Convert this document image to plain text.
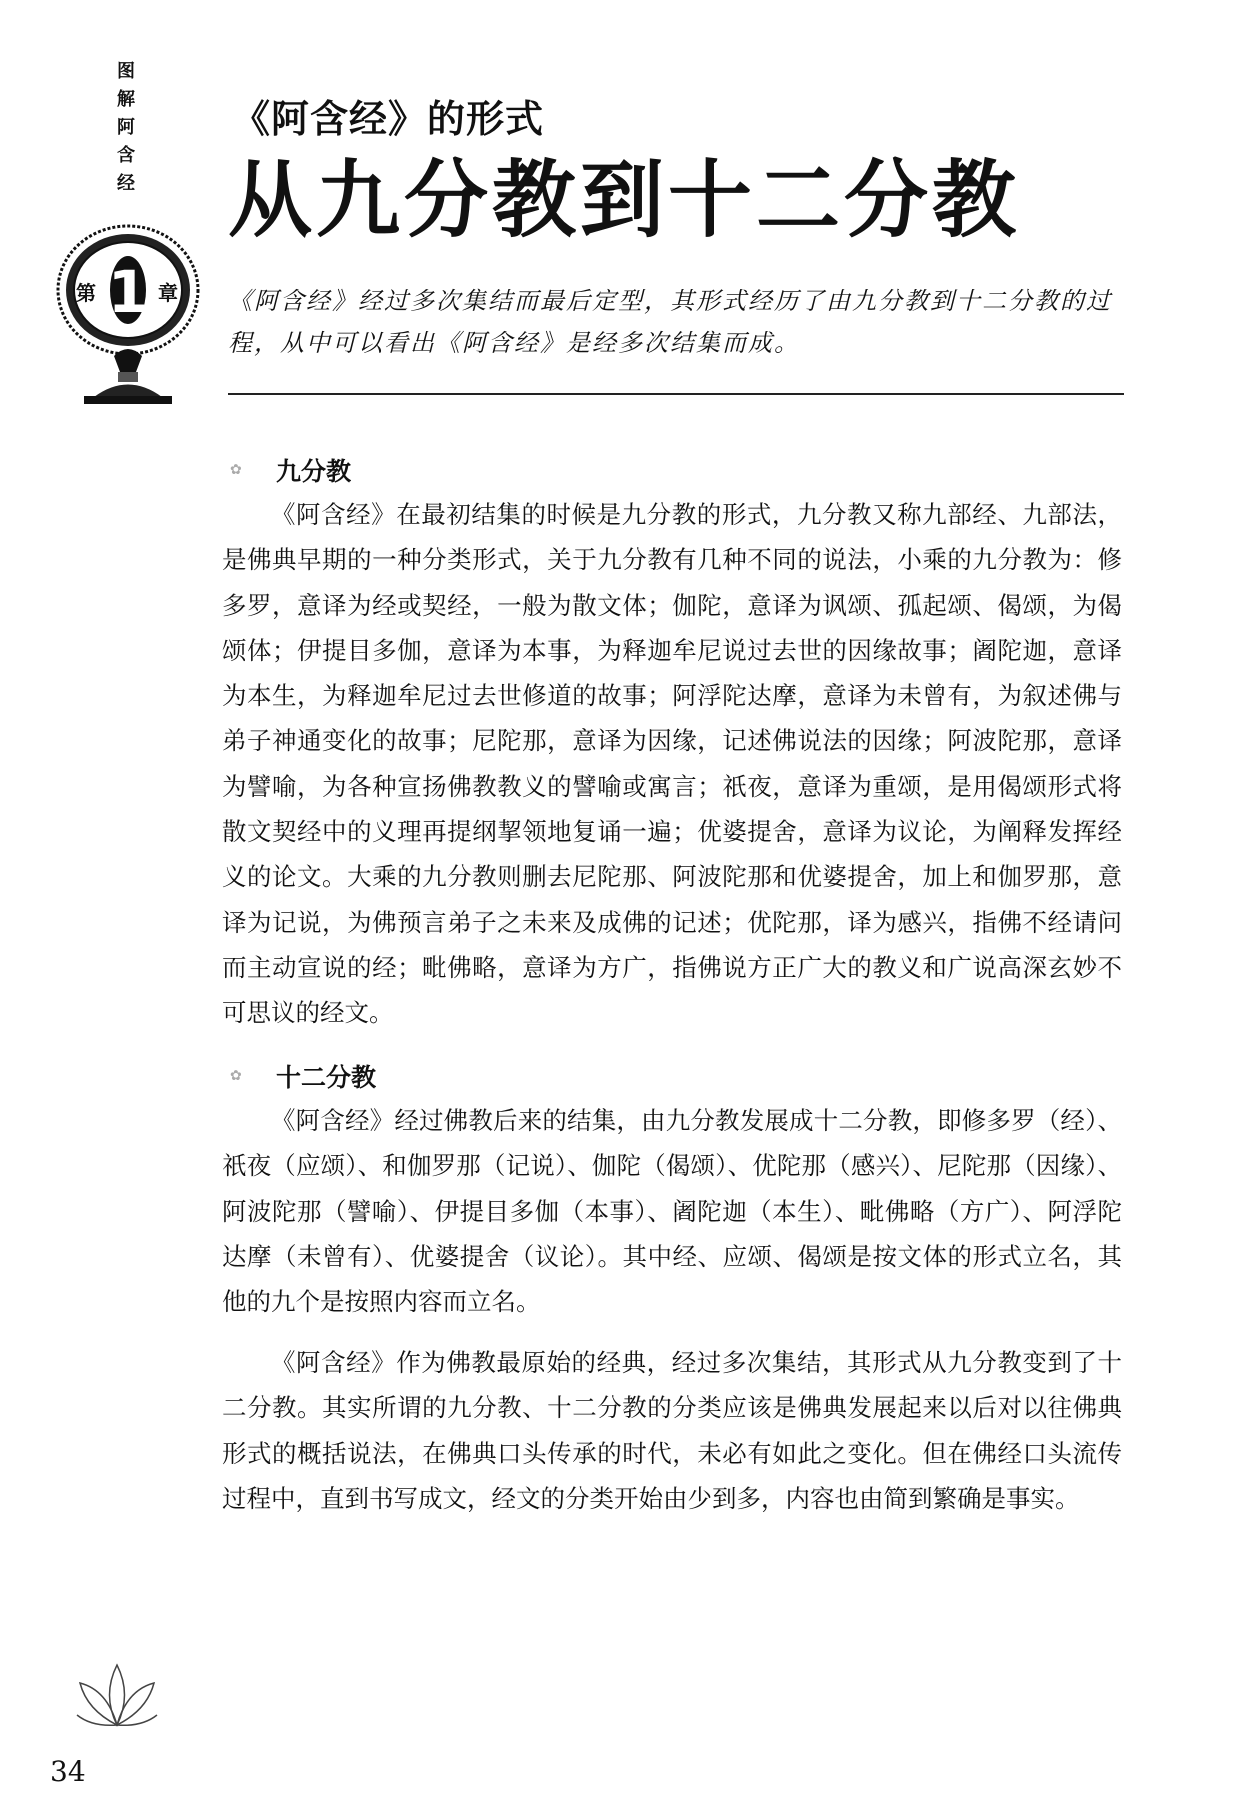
图
解
阿
含
经
第 1 章
《阿含经》的形式
从九分教到十二分教
《阿含经》经过多次集结而最后定型，其形式经历了由九分教到十二分教的过程，从中可以看出《阿含经》是经多次结集而成。
✿ 九分教

《阿含经》在最初结集的时候是九分教的形式，九分教又称九部经、九部法，是佛典早期的一种分类形式，关于九分教有几种不同的说法，小乘的九分教为：修多罗，意译为经或契经，一般为散文体；伽陀，意译为讽颂、孤起颂、偈颂，为偈颂体；伊提目多伽，意译为本事，为释迦牟尼说过去世的因缘故事；阇陀迦，意译为本生，为释迦牟尼过去世修道的故事；阿浮陀达摩，意译为未曾有，为叙述佛与弟子神通变化的故事；尼陀那，意译为因缘，记述佛说法的因缘；阿波陀那，意译为譬喻，为各种宣扬佛教教义的譬喻或寓言；祇夜，意译为重颂，是用偈颂形式将散文契经中的义理再提纲挈领地复诵一遍；优婆提舍，意译为议论，为阐释发挥经义的论文。大乘的九分教则删去尼陀那、阿波陀那和优婆提舍，加上和伽罗那，意译为记说，为佛预言弟子之未来及成佛的记述；优陀那，译为感兴，指佛不经请问而主动宣说的经；毗佛略，意译为方广，指佛说方正广大的教义和广说高深玄妙不可思议的经文。

✿ 十二分教

《阿含经》经过佛教后来的结集，由九分教发展成十二分教，即修多罗（经）、祇夜（应颂）、和伽罗那（记说）、伽陀（偈颂）、优陀那（感兴）、尼陀那（因缘）、阿波陀那（譬喻）、伊提目多伽（本事）、阇陀迦（本生）、毗佛略（方广）、阿浮陀达摩（未曾有）、优婆提舍（议论）。其中经、应颂、偈颂是按文体的形式立名，其他的九个是按照内容而立名。

《阿含经》作为佛教最原始的经典，经过多次集结，其形式从九分教变到了十二分教。其实所谓的九分教、十二分教的分类应该是佛典发展起来以后对以往佛典形式的概括说法，在佛典口头传承的时代，未必有如此之变化。但在佛经口头流传过程中，直到书写成文，经文的分类开始由少到多，内容也由简到繁确是事实。

34
